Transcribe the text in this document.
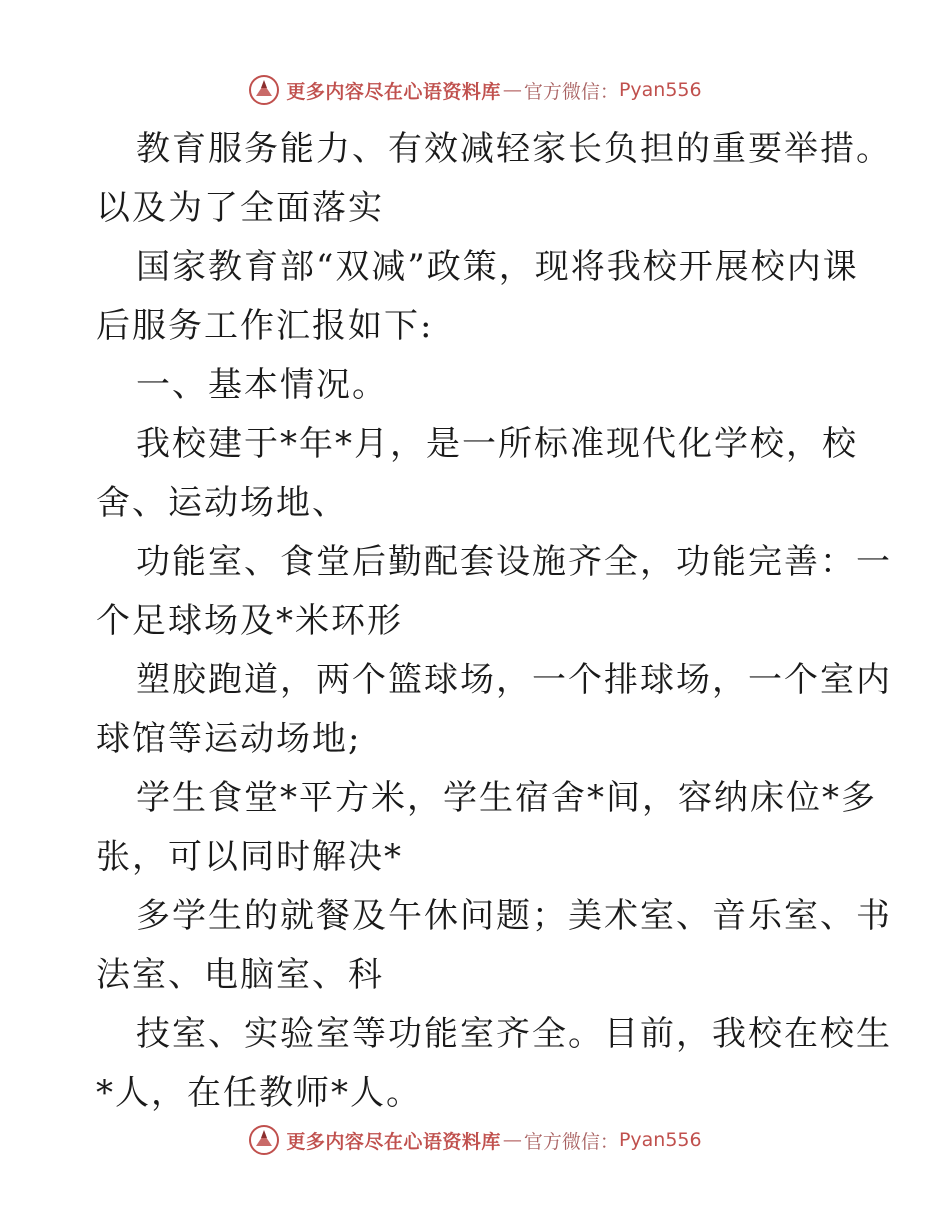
更多内容尽在心语资料库 — 官方微信： Pyan556
教育服务能力、有效减轻家长负担的重要举措。
以及为了全面落实
国家教育部“双减”政策，现将我校开展校内课
后服务工作汇报如下:
一、基本情况。
我校建于*年*月，是一所标准现代化学校，校
舍、运动场地、
功能室、食堂后勤配套设施齐全，功能完善：一
个足球场及*米环形
塑胶跑道，两个篮球场，一个排球场，一个室内
球馆等运动场地;
学生食堂*平方米，学生宿舍*间，容纳床位*多
张，可以同时解决*
多学生的就餐及午休问题；美术室、音乐室、书
法室、电脑室、科
技室、实验室等功能室齐全。目前，我校在校生
*人，在任教师*人。
更多内容尽在心语资料库 — 官方微信： Pyan556
